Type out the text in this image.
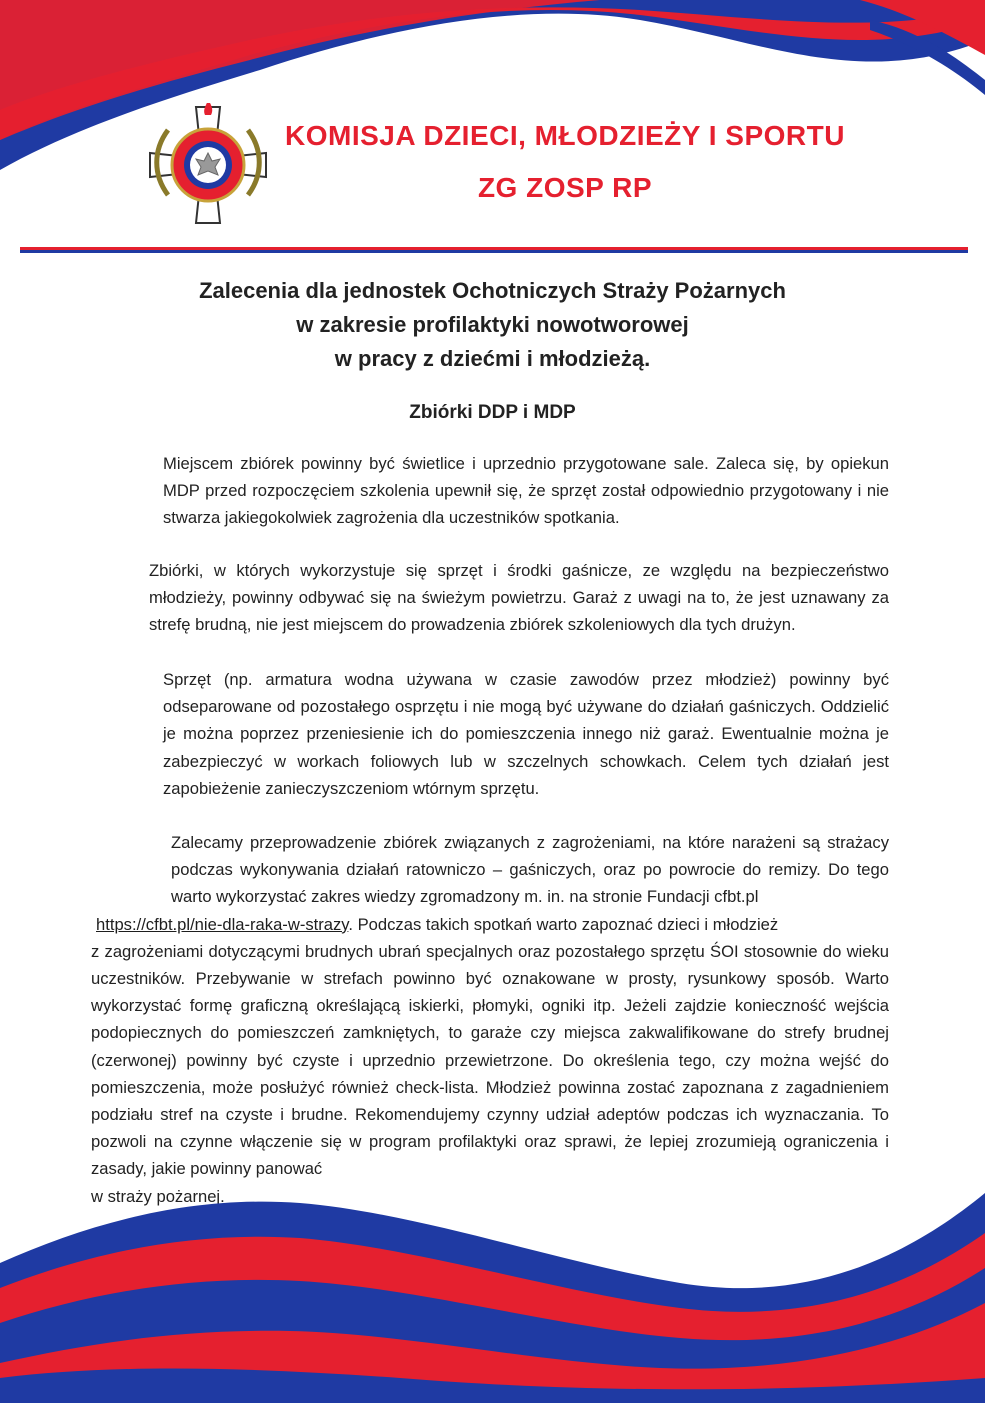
KOMISJA DZIECI, MŁODZIEŻY I SPORTU
ZG ZOSP RP
Zalecenia dla jednostek Ochotniczych Straży Pożarnych
w zakresie profilaktyki nowotworowej
w pracy z dziećmi i młodzieżą.
Zbiórki DDP i MDP

Miejscem zbiórek powinny być świetlice i uprzednio przygotowane sale. Zaleca się, by opiekun MDP przed rozpoczęciem szkolenia upewnił się, że sprzęt został odpowiednio przygotowany i nie stwarza jakiegokolwiek zagrożenia dla uczestników spotkania.

Zbiórki, w których wykorzystuje się sprzęt i środki gaśnicze, ze względu na bezpieczeństwo młodzieży, powinny odbywać się na świeżym powietrzu. Garaż z uwagi na to, że jest uznawany za strefę brudną, nie jest miejscem do prowadzenia zbiórek szkoleniowych dla tych drużyn.

Sprzęt (np. armatura wodna używana w czasie zawodów przez młodzież) powinny być odseparowane od pozostałego osprzętu i nie mogą być używane do działań gaśniczych. Oddzielić je można poprzez przeniesienie ich do pomieszczenia innego niż garaż. Ewentualnie można je zabezpieczyć w workach foliowych lub w szczelnych schowkach. Celem tych działań jest zapobieżenie zanieczyszczeniom wtórnym sprzętu.

Zalecamy przeprowadzenie zbiórek związanych z zagrożeniami, na które narażeni są strażacy podczas wykonywania działań ratowniczo – gaśniczych, oraz po powrocie do remizy. Do tego warto wykorzystać zakres wiedzy zgromadzony m. in. na stronie Fundacji cfbt.pl

https://cfbt.pl/nie-dla-raka-w-strazy. Podczas takich spotkań warto zapoznać dzieci i młodzież

z zagrożeniami dotyczącymi brudnych ubrań specjalnych oraz pozostałego sprzętu ŚOI stosownie do wieku uczestników. Przebywanie w strefach powinno być oznakowane w prosty, rysunkowy sposób. Warto wykorzystać formę graficzną określającą iskierki, płomyki, ogniki itp. Jeżeli zajdzie konieczność wejścia podopiecznych do pomieszczeń zamkniętych, to garaże czy miejsca zakwalifikowane do strefy brudnej (czerwonej) powinny być czyste i uprzednio przewietrzone. Do określenia tego, czy można wejść do pomieszczenia, może posłużyć również check-lista. Młodzież powinna zostać zapoznana z zagadnieniem podziału stref na czyste i brudne. Rekomendujemy czynny udział adeptów podczas ich wyznaczania. To pozwoli na czynne włączenie się w program profilaktyki oraz sprawi, że lepiej zrozumieją ograniczenia i zasady, jakie powinny panować

w straży pożarnej.
